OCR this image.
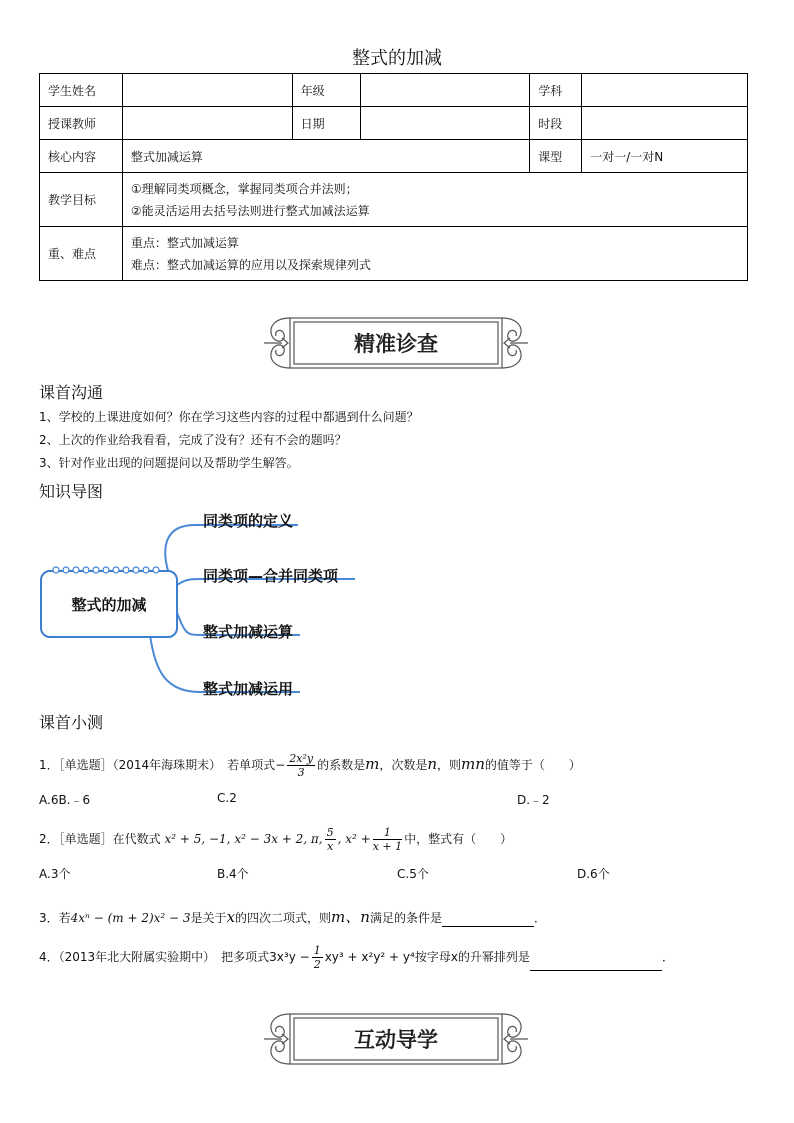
整式的加减
学生姓名		年级		学科	
授课教师		日期		时段	
核心内容	整式加减运算			课型	一对一/一对N
教学目标	①理解同类项概念，掌握同类项合并法则；
②能灵活运用去括号法则进行整式加减法运算				

重、难点	重点：整式加减运算
难点：整式加减运算的应用以及探索规律列式				
精准诊查
课首沟通
1、学校的上课进度如何？你在学习这些内容的过程中都遇到什么问题？
2、上次的作业给我看看，完成了没有？还有不会的题吗？
3、针对作业出现的问题提问以及帮助学生解答。
知识导图
整式的加减
同类项的定义
同类项—合并同类项
整式加减运算
整式加减运用
课首小测
1．［单选题］（2014年海珠期末）　若单项式− $\frac{\text{2x²y}}{3}$ 的系数是m，次数是n，则mn的值等于（　　）
A.6B.﹣6	C.2	D.﹣2
2．［单选题］在代数式 x² + 5, −1, x² − 3x + 2, π, $\frac{5}{x}$ , $x^2 + \frac{1}{x + 1}$ 中，整式有（　　）
A.3个	B.4个	C.5个	D.6个
3．若4xⁿ − (m + 2)x² − 3是关于x的四次二项式，则m、n满足的条件是	．
4．（2013年北大附属实验期中）　把多项式$3x^3y - \frac{1}{2} xy^3 + x^2y^2 + y^4$按字母x的升幂排列是	．
互动导学
